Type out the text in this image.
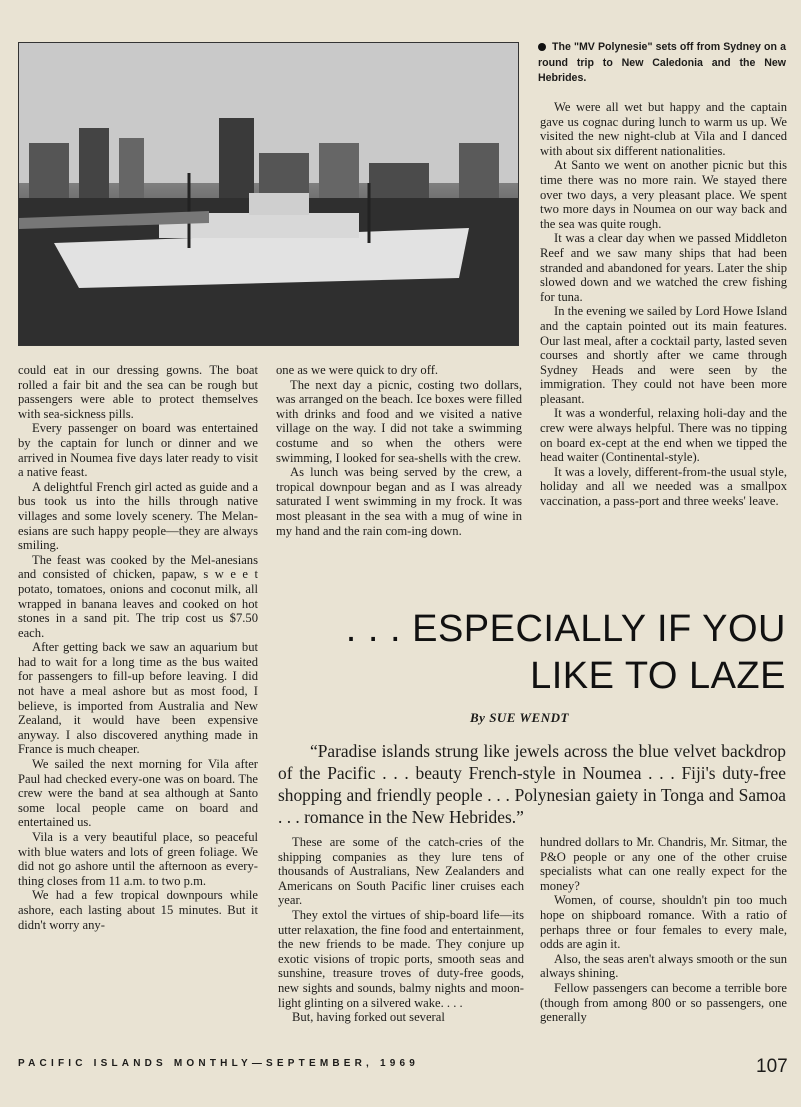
The "MV Polynesie" sets off from Sydney on a round trip to New Caledonia and the New Hebrides.

could eat in our dressing gowns. The boat rolled a fair bit and the sea can be rough but passengers were able to protect themselves with sea-sickness pills.

Every passenger on board was entertained by the captain for lunch or dinner and we arrived in Noumea five days later ready to visit a native feast.

A delightful French girl acted as guide and a bus took us into the hills through native villages and some lovely scenery. The Melan-esians are such happy people—they are always smiling.

The feast was cooked by the Mel-anesians and consisted of chicken, papaw, s w e e t potato, tomatoes, onions and coconut milk, all wrapped in banana leaves and cooked on hot stones in a sand pit. The trip cost us $7.50 each.

After getting back we saw an aquarium but had to wait for a long time as the bus waited for passengers to fill-up before leaving. I did not have a meal ashore but as most food, I believe, is imported from Australia and New Zealand, it would have been expensive anyway. I also discovered anything made in France is much cheaper.

We sailed the next morning for Vila after Paul had checked every-one was on board. The crew were the band at sea although at Santo some local people came on board and entertained us.

Vila is a very beautiful place, so peaceful with blue waters and lots of green foliage. We did not go ashore until the afternoon as every-thing closes from 11 a.m. to two p.m.

We had a few tropical downpours while ashore, each lasting about 15 minutes. But it didn't worry any-

one as we were quick to dry off.

The next day a picnic, costing two dollars, was arranged on the beach. Ice boxes were filled with drinks and food and we visited a native village on the way. I did not take a swimming costume and so when the others were swimming, I looked for sea-shells with the crew.

As lunch was being served by the crew, a tropical downpour began and as I was already saturated I went swimming in my frock. It was most pleasant in the sea with a mug of wine in my hand and the rain com-ing down.

We were all wet but happy and the captain gave us cognac during lunch to warm us up. We visited the new night-club at Vila and I danced with about six different nationalities.

At Santo we went on another picnic but this time there was no more rain. We stayed there over two days, a very pleasant place. We spent two more days in Noumea on our way back and the sea was quite rough.

It was a clear day when we passed Middleton Reef and we saw many ships that had been stranded and abandoned for years. Later the ship slowed down and we watched the crew fishing for tuna.

In the evening we sailed by Lord Howe Island and the captain pointed out its main features. Our last meal, after a cocktail party, lasted seven courses and shortly after we came through Sydney Heads and were seen by the immigration. They could not have been more pleasant.

It was a wonderful, relaxing holi-day and the crew were always helpful. There was no tipping on board ex-cept at the end when we tipped the head waiter (Continental-style).

It was a lovely, different-from-the usual style, holiday and all we needed was a smallpox vaccination, a pass-port and three weeks' leave.

. . . ESPECIALLY IF YOU
LIKE TO LAZE
By SUE WENDT
“Paradise islands strung like jewels across the blue velvet backdrop of the Pacific . . . beauty French-style in Noumea . . . Fiji's duty-free shopping and friendly people . . . Polynesian gaiety in Tonga and Samoa . . . romance in the New Hebrides.”

These are some of the catch-cries of the shipping companies as they lure tens of thousands of Australians, New Zealanders and Americans on South Pacific liner cruises each year.

They extol the virtues of ship-board life—its utter relaxation, the fine food and entertainment, the new friends to be made. They conjure up exotic visions of tropic ports, smooth seas and sunshine, treasure troves of duty-free goods, new sights and sounds, balmy nights and moon-light glinting on a silvered wake. . . .

But, having forked out several

hundred dollars to Mr. Chandris, Mr. Sitmar, the P&O people or any one of the other cruise specialists what can one really expect for the money?

Women, of course, shouldn't pin too much hope on shipboard romance. With a ratio of perhaps three or four females to every male, odds are agin it.

Also, the seas aren't always smooth or the sun always shining.

Fellow passengers can become a terrible bore (though from among 800 or so passengers, one generally

PACIFIC ISLANDS MONTHLY—SEPTEMBER, 1969	107
